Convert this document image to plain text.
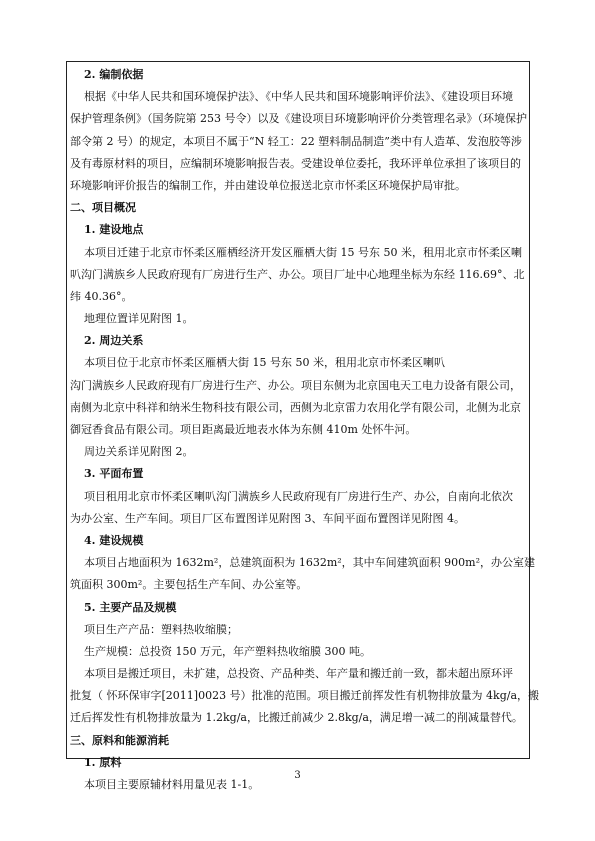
2. 编制依据
根据《中华人民共和国环境保护法》、《中华人民共和国环境影响评价法》、《建设项目环境
保护管理条例》（国务院第 253 号令）以及《建设项目环境影响评价分类管理名录》（环境保护
部令第 2 号）的规定，本项目不属于“N 轻工：22 塑料制品制造”类中有人造革、发泡胶等涉
及有毒原材料的项目，应编制环境影响报告表。受建设单位委托，我环评单位承担了该项目的
环境影响评价报告的编制工作，并由建设单位报送北京市怀柔区环境保护局审批。
二、项目概况
1. 建设地点
本项目迁建于北京市怀柔区雁栖经济开发区雁栖大街 15 号东 50 米，租用北京市怀柔区喇
叭沟门满族乡人民政府现有厂房进行生产、办公。项目厂址中心地理坐标为东经 116.69°、北
纬 40.36°。
地理位置详见附图 1。
2. 周边关系
本项目位于北京市怀柔区雁栖大街 15 号东 50 米，租用北京市怀柔区喇叭
沟门满族乡人民政府现有厂房进行生产、办公。项目东侧为北京国电天工电力设备有限公司，
南侧为北京中科祥和纳米生物科技有限公司，西侧为北京雷力农用化学有限公司，北侧为北京
御冠香食品有限公司。项目距离最近地表水体为东侧 410m 处怀牛河。
周边关系详见附图 2。
3. 平面布置
项目租用北京市怀柔区喇叭沟门满族乡人民政府现有厂房进行生产、办公，自南向北依次
为办公室、生产车间。项目厂区布置图详见附图 3、车间平面布置图详见附图 4。
4. 建设规模
本项目占地面积为 1632m²，总建筑面积为 1632m²，其中车间建筑面积 900m²，办公室建
筑面积 300m²。主要包括生产车间、办公室等。
5. 主要产品及规模
项目生产产品：塑料热收缩膜；
生产规模：总投资 150 万元，年产塑料热收缩膜 300 吨。
本项目是搬迁项目，未扩建，总投资、产品种类、年产量和搬迁前一致，都未超出原环评
批复（ 怀环保审字[2011]0023 号）批准的范围。项目搬迁前挥发性有机物排放量为 4kg/a，搬
迁后挥发性有机物排放量为 1.2kg/a，比搬迁前减少 2.8kg/a，满足增一减二的削减量替代。
三、原料和能源消耗
1. 原料
本项目主要原辅材料用量见表 1-1。
3
